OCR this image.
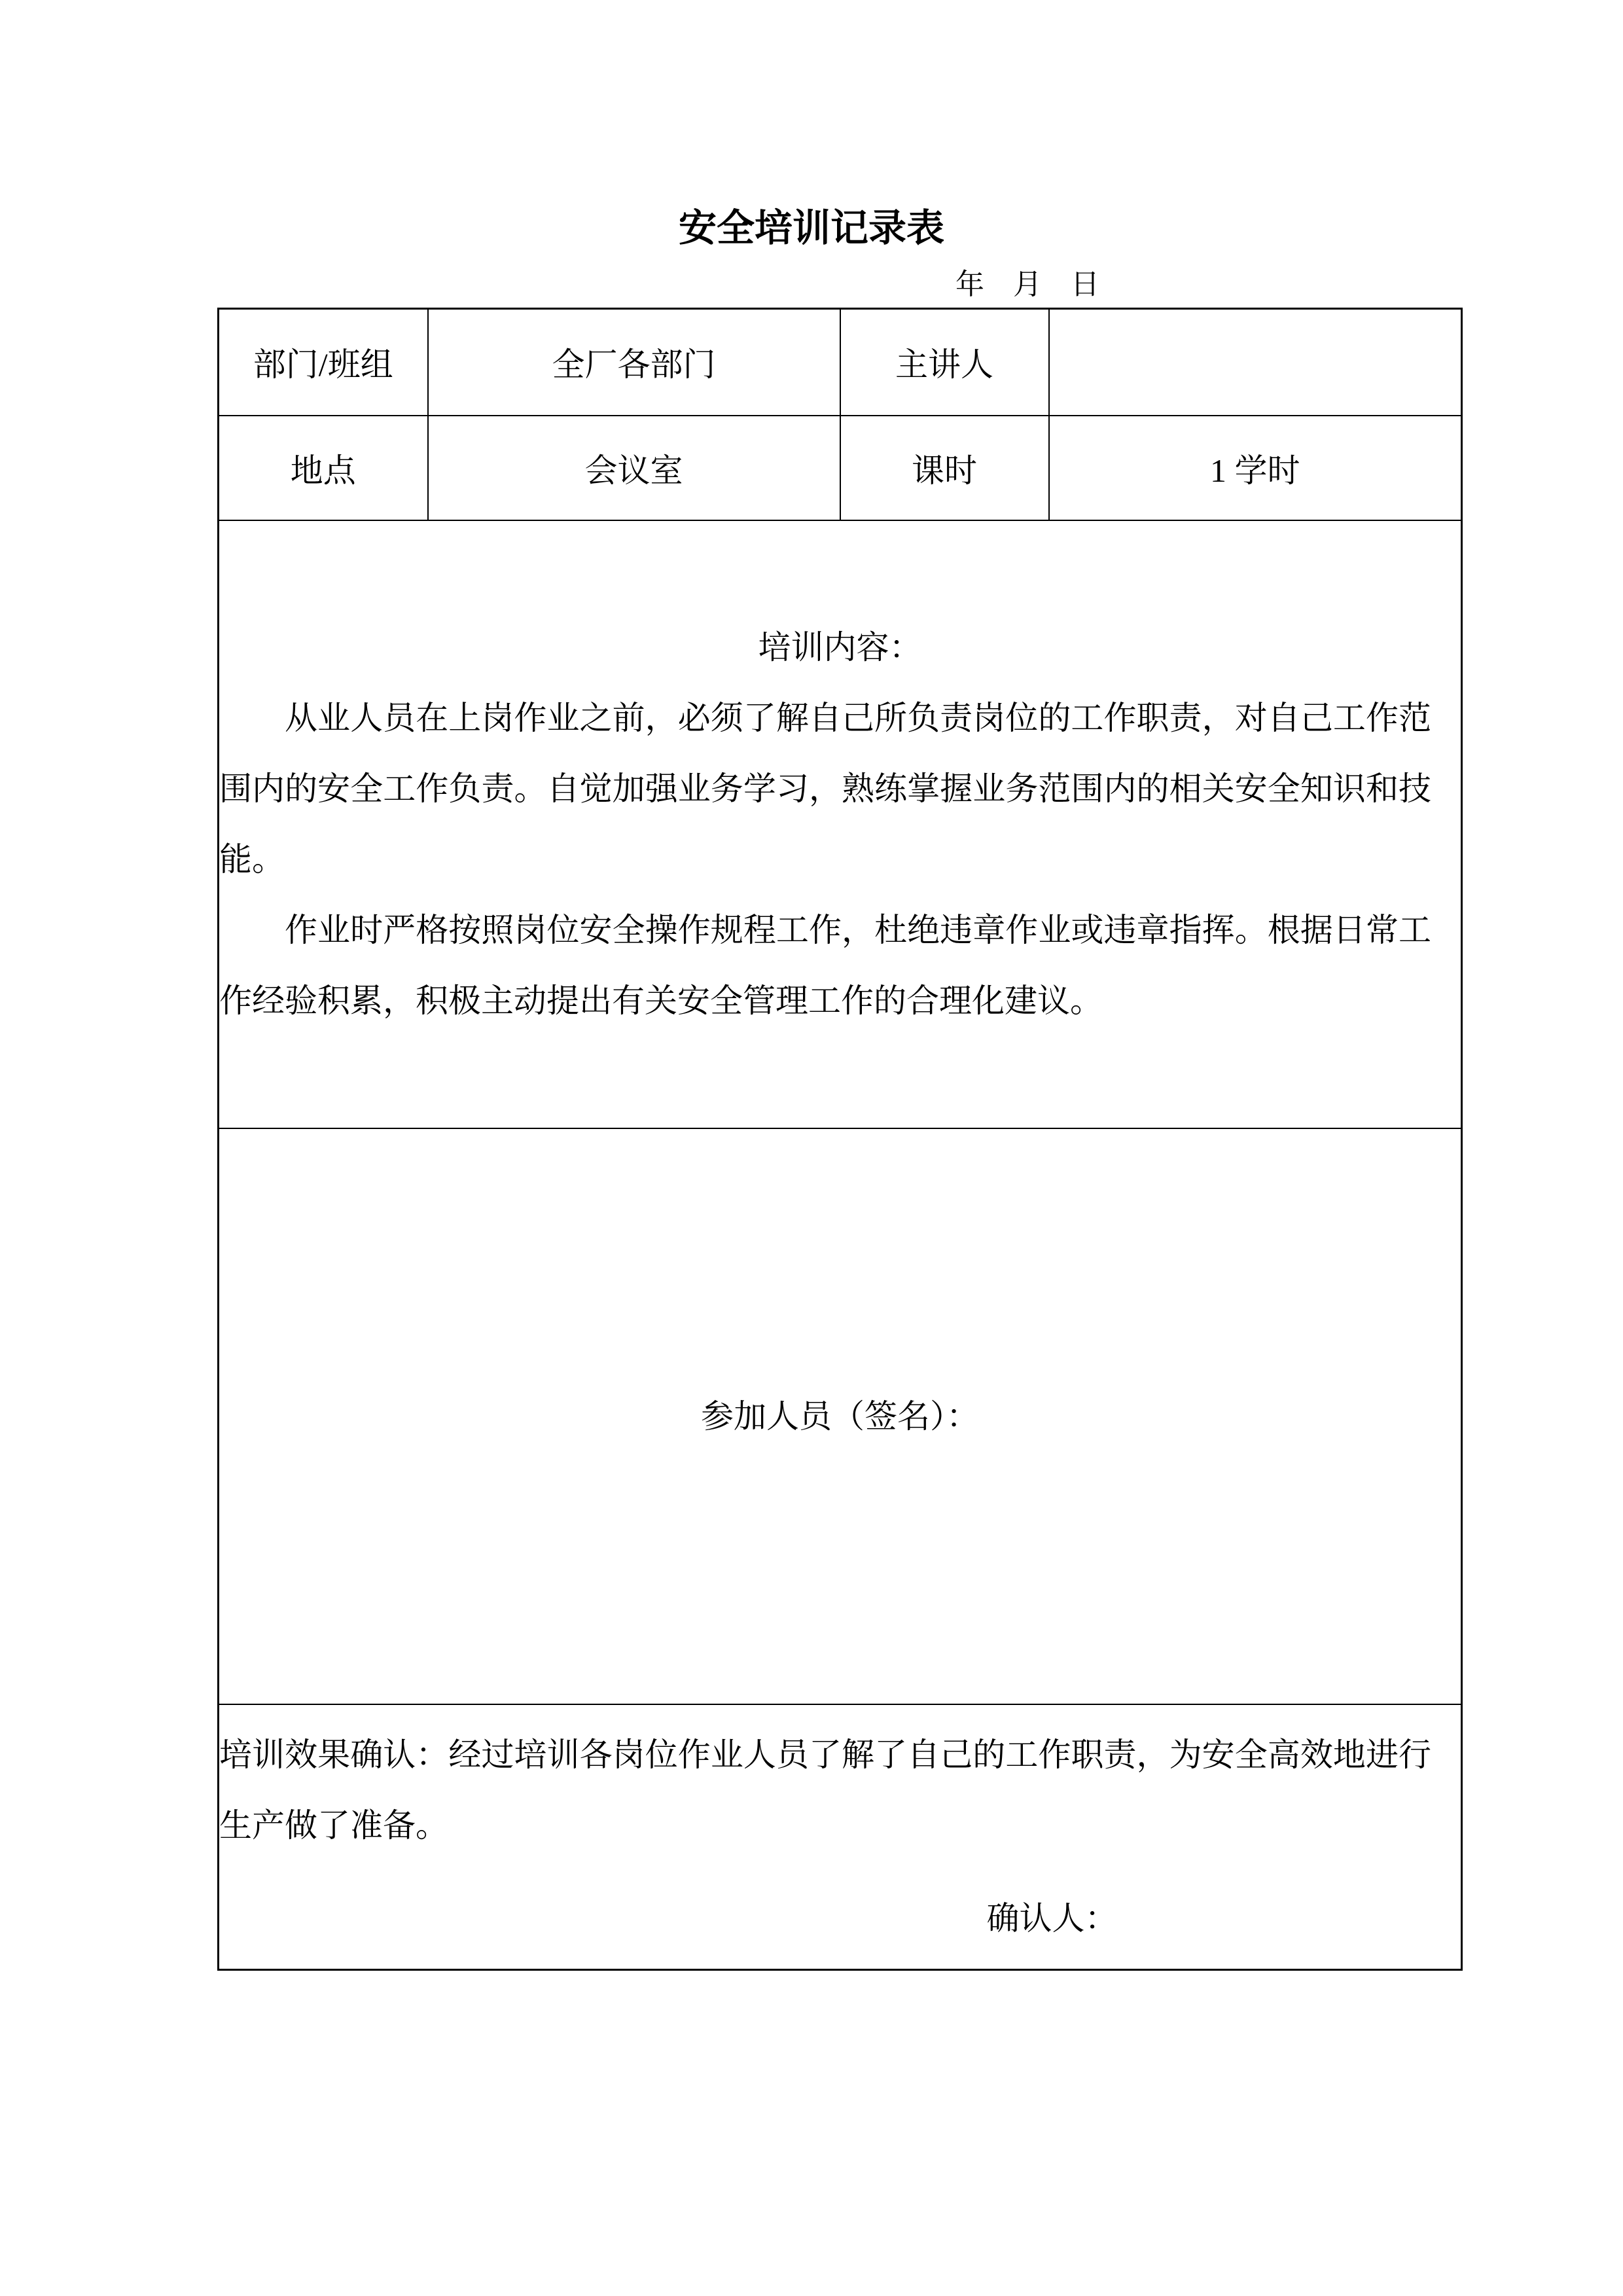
安全培训记录表
年　月　日
部门/班组	全厂各部门	主讲人	
地点	会议室	课时	1 学时

培训内容：

从业人员在上岗作业之前，必须了解自己所负责岗位的工作职责，对自己工作范围内的安全工作负责。自觉加强业务学习，熟练掌握业务范围内的相关安全知识和技能。

作业时严格按照岗位安全操作规程工作，杜绝违章作业或违章指挥。根据日常工作经验积累，积极主动提出有关安全管理工作的合理化建议。			

参加人员（签名）：			

培训效果确认：经过培训各岗位作业人员了解了自己的工作职责，为安全高效地进行生产做了准备。

确认人：			
